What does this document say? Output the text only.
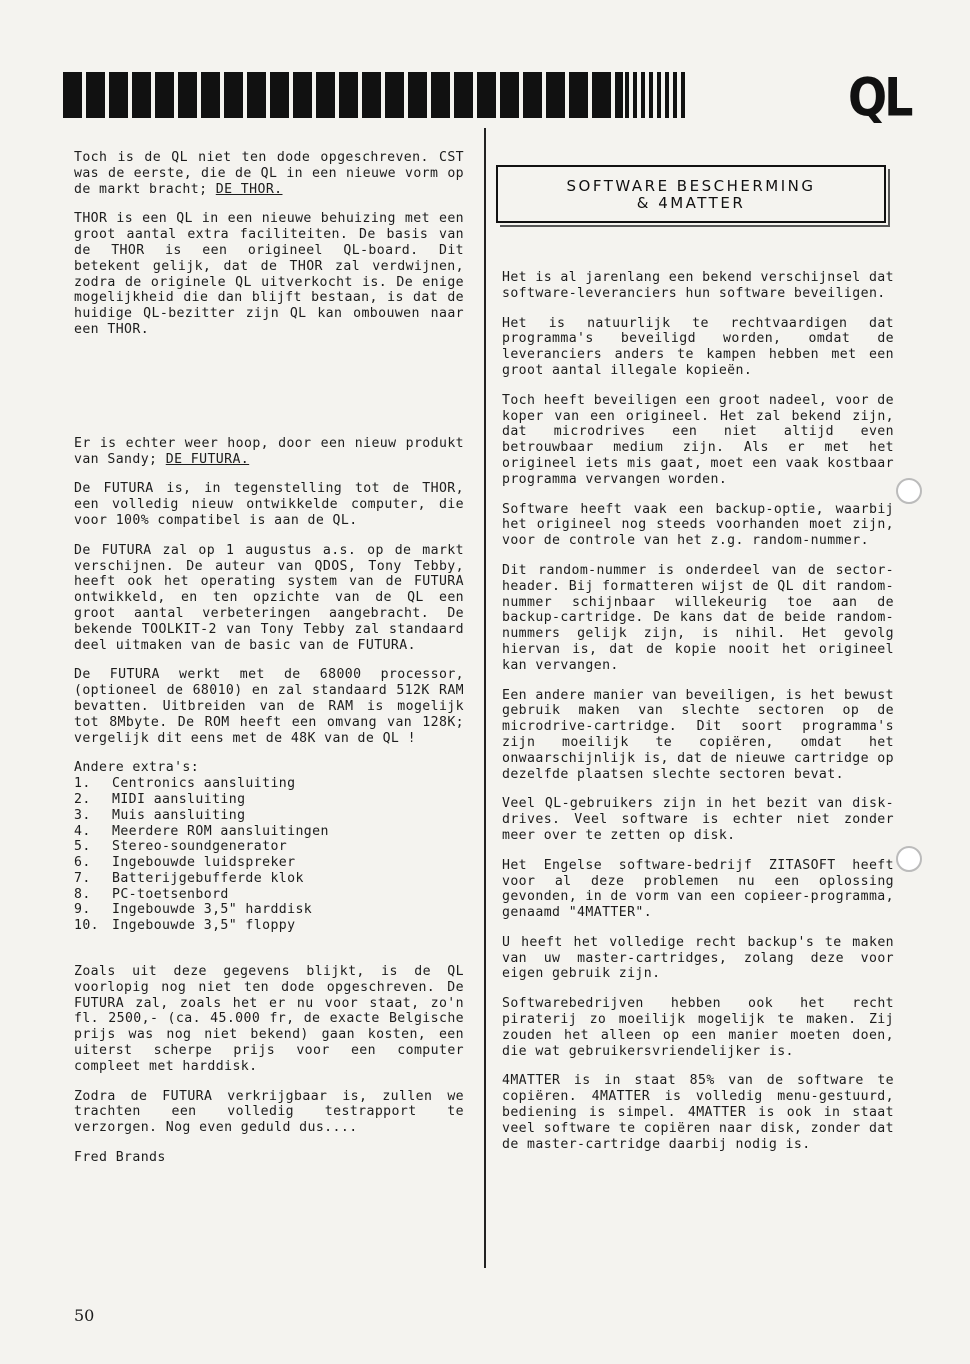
QL

Toch is de QL niet ten dode opgeschreven. CST was de eerste, die de QL in een nieuwe vorm op de markt bracht; DE THOR.

THOR is een QL in een nieuwe behuizing met een groot aantal extra faciliteiten. De basis van de THOR is een origineel QL-board. Dit betekent gelijk, dat de THOR zal verdwijnen, zodra de originele QL uitverkocht is. De enige mogelijkheid die dan blijft bestaan, is dat de huidige QL-bezitter zijn QL kan ombouwen naar een THOR.

Er is echter weer hoop, door een nieuw produkt van Sandy; DE FUTURA.

De FUTURA is, in tegenstelling tot de THOR, een volledig nieuw ontwikkelde computer, die voor 100% compatibel is aan de QL.

De FUTURA zal op 1 augustus a.s. op de markt verschijnen. De auteur van QDOS, Tony Tebby, heeft ook het operating system van de FUTURA ontwikkeld, en ten opzichte van de QL een groot aantal verbeteringen aangebracht. De bekende TOOLKIT-2 van Tony Tebby zal standaard deel uitmaken van de basic van de FUTURA.

De FUTURA werkt met de 68000 processor, (optioneel de 68010) en zal standaard 512K RAM bevatten. Uitbreiden van de RAM is mogelijk tot 8Mbyte. De ROM heeft een omvang van 128K; vergelijk dit eens met de 48K van de QL !

Andere extra's:
1.	Centronics aansluiting
2.	MIDI aansluiting
3.	Muis aansluiting
4.	Meerdere ROM aansluitingen
5.	Stereo-soundgenerator
6.	Ingebouwde luidspreker
7.	Batterijgebufferde klok
8.	PC-toetsenbord
9.	Ingebouwde 3,5" harddisk
10. Ingebouwde 3,5" floppy

Zoals uit deze gegevens blijkt, is de QL voorlopig nog niet ten dode opgeschreven. De FUTURA zal, zoals het er nu voor staat, zo'n fl. 2500,- (ca. 45.000 fr, de exacte Belgische prijs was nog niet bekend) gaan kosten, een uiterst scherpe prijs voor een computer compleet met harddisk.

Zodra de FUTURA verkrijgbaar is, zullen we trachten een volledig testrapport te verzorgen. Nog even geduld dus....

Fred Brands

SOFTWARE BESCHERMING
& 4MATTER

Het is al jarenlang een bekend verschijnsel dat software-leveranciers hun software beveiligen.

Het is natuurlijk te rechtvaardigen dat programma's beveiligd worden, omdat de leveranciers anders te kampen hebben met een groot aantal illegale kopieën.

Toch heeft beveiligen een groot nadeel, voor de koper van een origineel. Het zal bekend zijn, dat microdrives een niet altijd even betrouwbaar medium zijn. Als er met het origineel iets mis gaat, moet een vaak kostbaar programma vervangen worden.

Software heeft vaak een backup-optie, waarbij het origineel nog steeds voorhanden moet zijn, voor de controle van het z.g. random-nummer.

Dit random-nummer is onderdeel van de sector-header. Bij formatteren wijst de QL dit random-nummer schijnbaar willekeurig toe aan de backup-cartridge. De kans dat de beide random-nummers gelijk zijn, is nihil. Het gevolg hiervan is, dat de kopie nooit het origineel kan vervangen.

Een andere manier van beveiligen, is het bewust gebruik maken van slechte sectoren op de microdrive-cartridge. Dit soort programma's zijn moeilijk te copiëren, omdat het onwaarschijnlijk is, dat de nieuwe cartridge op dezelfde plaatsen slechte sectoren bevat.

Veel QL-gebruikers zijn in het bezit van disk-drives. Veel software is echter niet zonder meer over te zetten op disk.

Het Engelse software-bedrijf ZITASOFT heeft voor al deze problemen nu een oplossing gevonden, in de vorm van een copieer-programma, genaamd "4MATTER".

U heeft het volledige recht backup's te maken van uw master-cartridges, zolang deze voor eigen gebruik zijn.

Softwarebedrijven hebben ook het recht piraterij zo moeilijk mogelijk te maken. Zij zouden het alleen op een manier moeten doen, die wat gebruikersvriendelijker is.

4MATTER is in staat 85% van de software te copiëren. 4MATTER is volledig menu-gestuurd, bediening is simpel. 4MATTER is ook in staat veel software te copiëren naar disk, zonder dat de master-cartridge daarbij nodig is.

50
